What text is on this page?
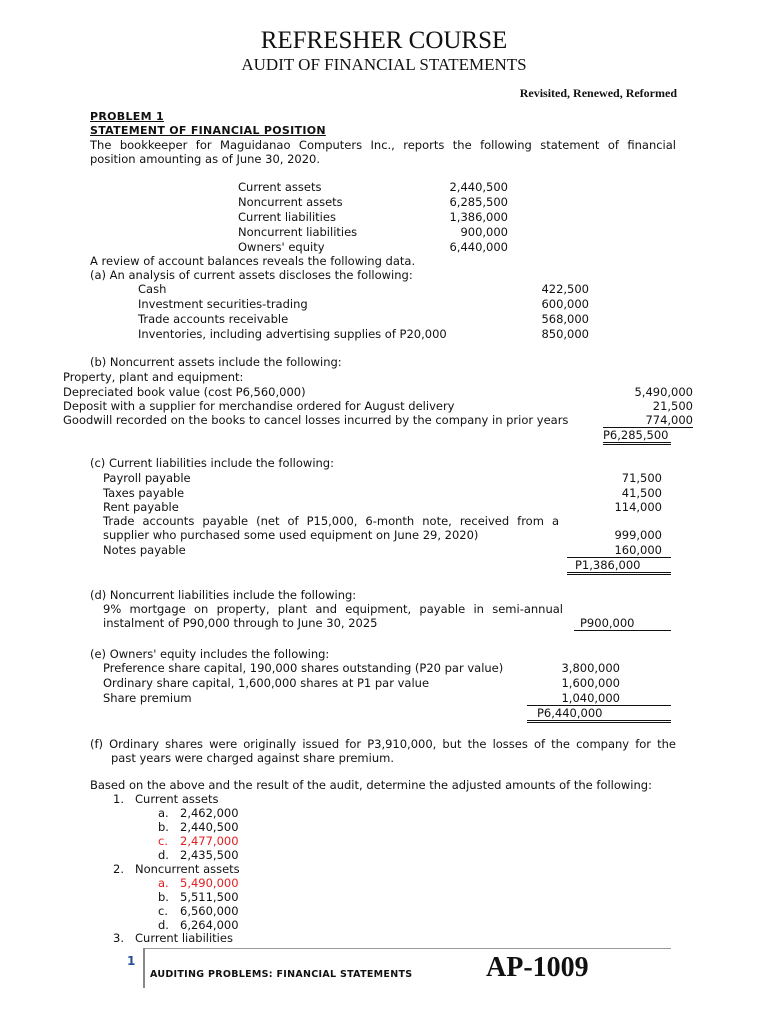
REFRESHER COURSE
AUDIT OF FINANCIAL STATEMENTS
Revisited, Renewed, Reformed
PROBLEM 1
STATEMENT OF FINANCIAL POSITION
The bookkeeper for Maguidanao Computers Inc., reports the following statement of financial
position amounting as of June 30, 2020.
Current assets	2,440,500
Noncurrent assets	6,285,500
Current liabilities	1,386,000
Noncurrent liabilities	900,000
Owners' equity	6,440,000
A review of account balances reveals the following data.
(a) An analysis of current assets discloses the following:
Cash	422,500
Investment securities-trading	600,000
Trade accounts receivable	568,000
Inventories, including advertising supplies of P20,000	850,000
(b) Noncurrent assets include the following:
Property, plant and equipment:
Depreciated book value (cost P6,560,000)	5,490,000
Deposit with a supplier for merchandise ordered for August delivery	21,500
Goodwill recorded on the books to cancel losses incurred by the company in prior years	774,000
P6,285,500
(c) Current liabilities include the following:
Payroll payable	71,500
Taxes payable	41,500
Rent payable	114,000
Trade accounts payable (net of P15,000, 6-month note, received from a
supplier who purchased some used equipment on June 29, 2020)	999,000
Notes payable	160,000
P1,386,000
(d) Noncurrent liabilities include the following:
9% mortgage on property, plant and equipment, payable in semi-annual
instalment of P90,000 through to June 30, 2025	P900,000
(e) Owners' equity includes the following:
Preference share capital, 190,000 shares outstanding (P20 par value)	3,800,000
Ordinary share capital, 1,600,000 shares at P1 par value	1,600,000
Share premium	1,040,000
P6,440,000
(f) Ordinary shares were originally issued for P3,910,000, but the losses of the company for the
past years were charged against share premium.
Based on the above and the result of the audit, determine the adjusted amounts of the following:
1. Current assets
a. 2,462,000
b. 2,440,500
c. 2,477,000
d. 2,435,500
2. Noncurrent assets
a. 5,490,000
b. 5,511,500
c. 6,560,000
d. 6,264,000
3. Current liabilities
1
AUDITING PROBLEMS: FINANCIAL STATEMENTS	AP-1009
